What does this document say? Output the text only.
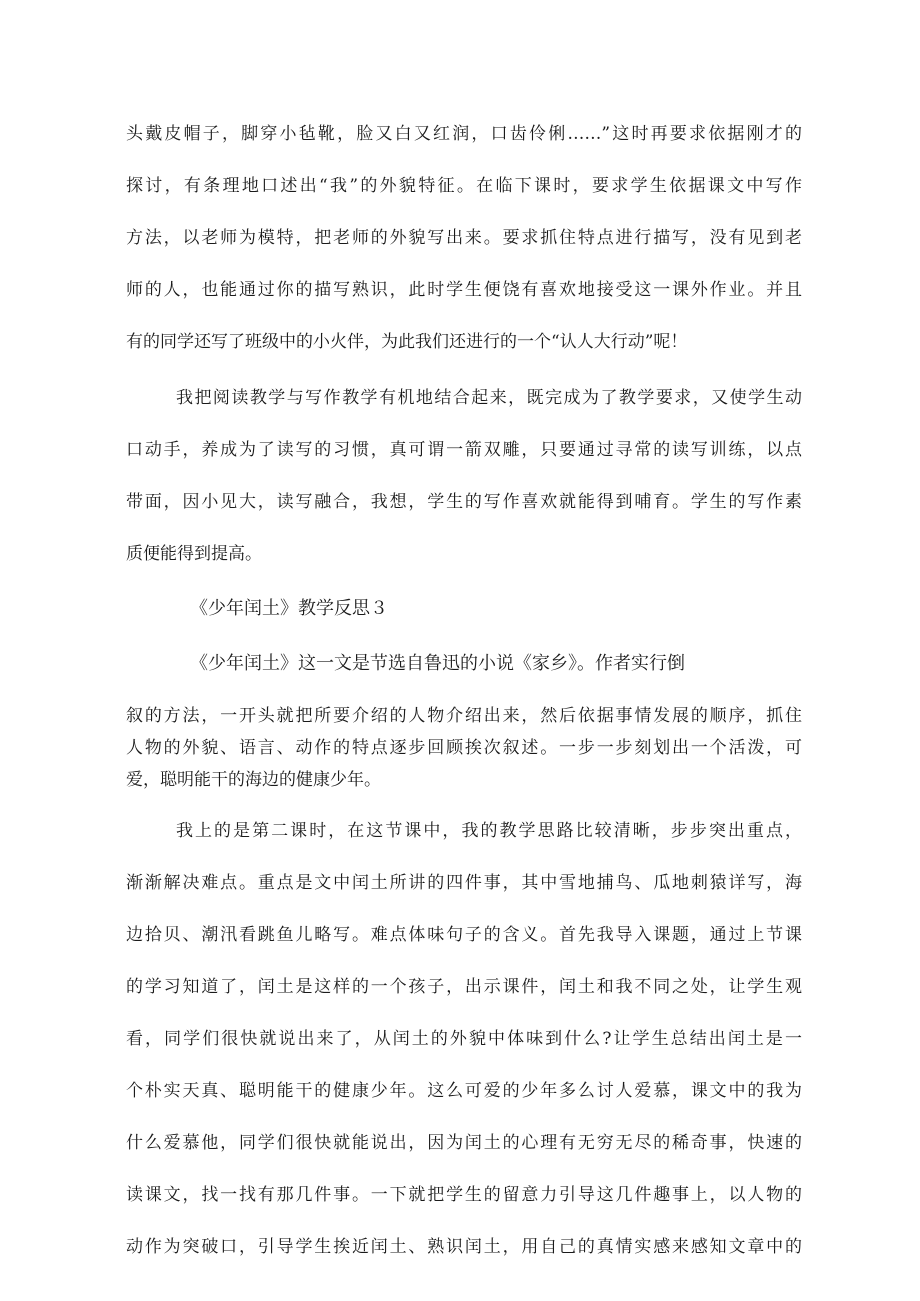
头戴皮帽子，脚穿小毡靴，脸又白又红润，口齿伶俐……”这时再要求依据刚才的
探讨，有条理地口述出“我”的外貌特征。在临下课时，要求学生依据课文中写作
方法，以老师为模特，把老师的外貌写出来。要求抓住特点进行描写，没有见到老
师的人，也能通过你的描写熟识，此时学生便饶有喜欢地接受这一课外作业。并且
有的同学还写了班级中的小火伴，为此我们还进行的一个“认人大行动”呢！
我把阅读教学与写作教学有机地结合起来，既完成为了教学要求，又使学生动
口动手，养成为了读写的习惯，真可谓一箭双雕，只要通过寻常的读写训练，以点
带面，因小见大，读写融合，我想，学生的写作喜欢就能得到哺育。学生的写作素
质便能得到提高。
《少年闰土》教学反思３
《少年闰土》这一文是节选自鲁迅的小说《家乡》。作者实行倒
叙的方法，一开头就把所要介绍的人物介绍出来，然后依据事情发展的顺序，抓住
人物的外貌、语言、动作的特点逐步回顾挨次叙述。一步一步刻划出一个活泼，可
爱，聪明能干的海边的健康少年。
我上的是第二课时，在这节课中，我的教学思路比较清晰，步步突出重点，
渐渐解决难点。重点是文中闰土所讲的四件事，其中雪地捕鸟、瓜地刺猿详写，海
边拾贝、潮汛看跳鱼儿略写。难点体味句子的含义。首先我导入课题，通过上节课
的学习知道了，闰土是这样的一个孩子，出示课件，闰土和我不同之处，让学生观
看，同学们很快就说出来了，从闰土的外貌中体味到什么?让学生总结出闰土是一
个朴实天真、聪明能干的健康少年。这么可爱的少年多么讨人爱慕，课文中的我为
什么爱慕他，同学们很快就能说出，因为闰土的心理有无穷无尽的稀奇事，快速的
读课文，找一找有那几件事。一下就把学生的留意力引导这几件趣事上，以人物的
动作为突破口，引导学生挨近闰土、熟识闰土，用自己的真情实感来感知文章中的
